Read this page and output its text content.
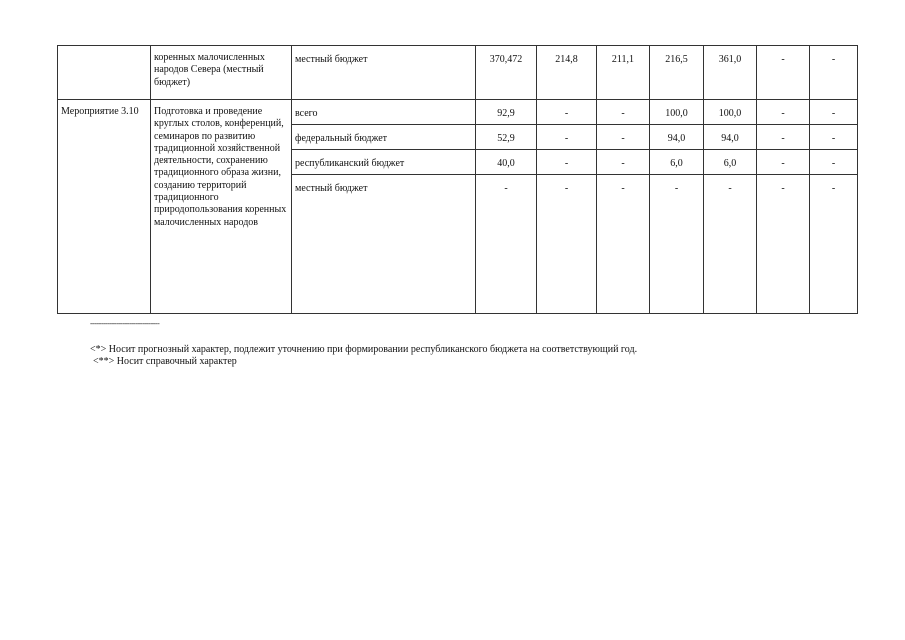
	коренных малочисленных народов Севера (местный бюджет)	местный бюджет	370,472	214,8	211,1	216,5	361,0	-	-
Мероприятие 3.10	Подготовка и проведение круглых столов, конференций, семинаров по развитию традиционной хозяйственной деятельности, сохранению традиционного образа жизни, созданию территорий традиционного природопользования коренных малочисленных народов	всего	92,9	-	-	100,0	100,0	-	-
		федеральный бюджет	52,9	-	-	94,0	94,0	-	-
		республиканский бюджет	40,0	-	-	6,0	6,0	-	-
		местный бюджет	-	-	-	-	-	-	-
--------------------------------
<*> Носит прогнозный характер, подлежит уточнению при формировании республиканского бюджета на соответствующий год.
<**> Носит справочный характер
